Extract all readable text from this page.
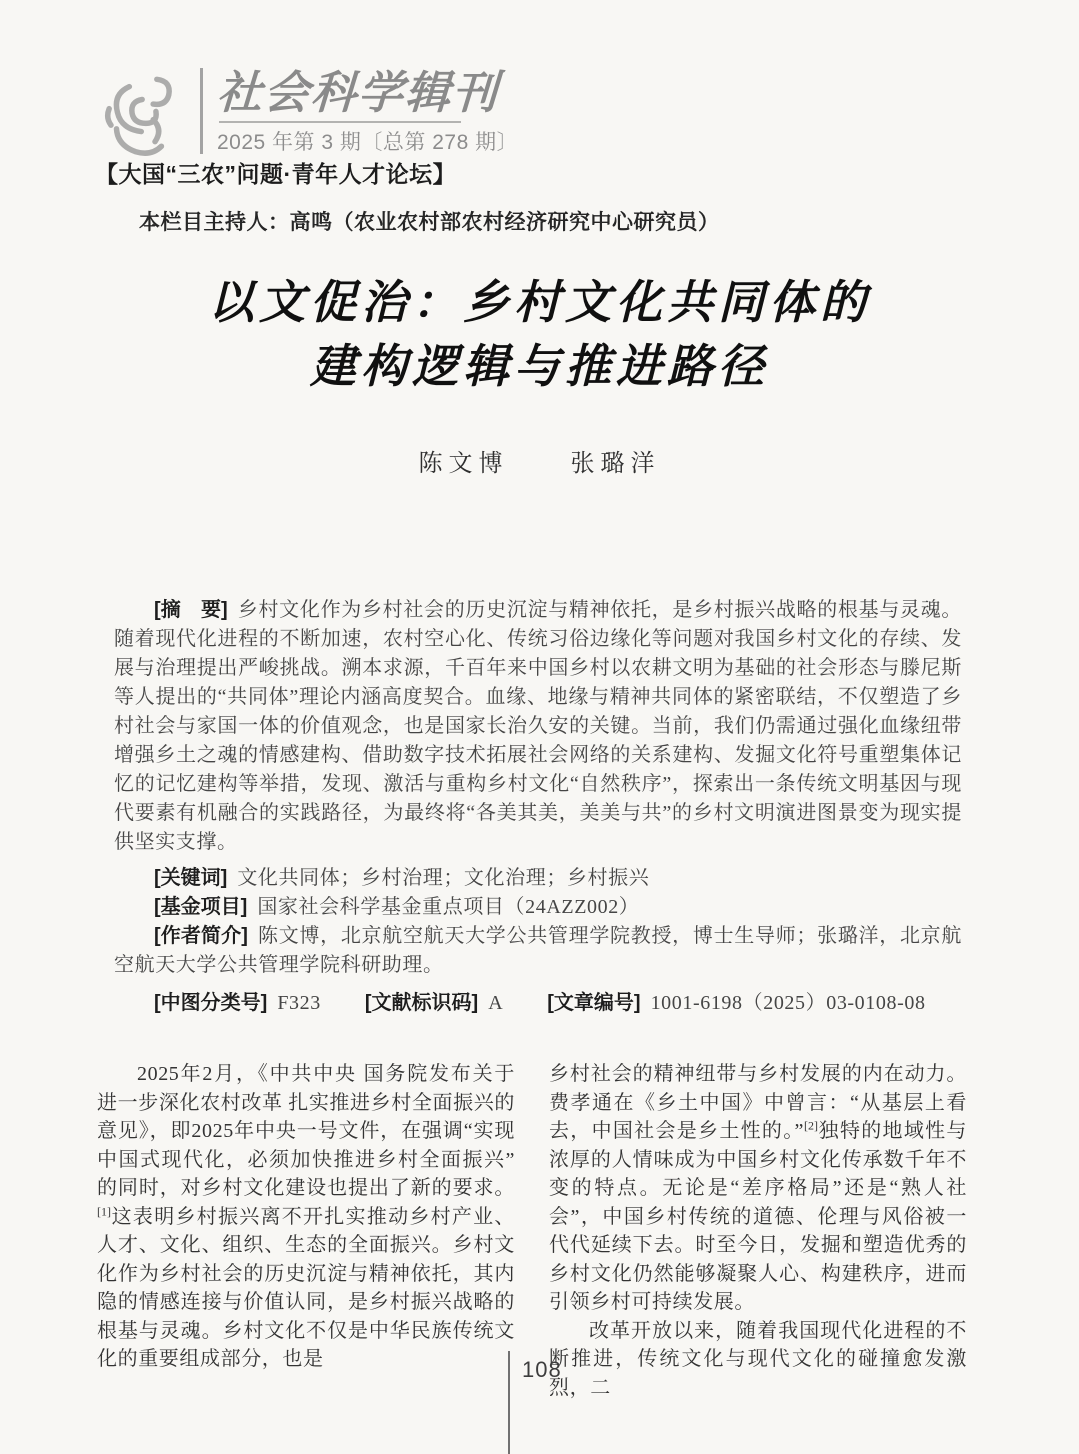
社会科学辑刊
2025 年第 3 期〔总第 278 期〕
【大国“三农”问题·青年人才论坛】
本栏目主持人：高鸣（农业农村部农村经济研究中心研究员）
以文促治：乡村文化共同体的
建构逻辑与推进路径
陈文博	张璐洋

[摘　要] 乡村文化作为乡村社会的历史沉淀与精神依托，是乡村振兴战略的根基与灵魂。随着现代化进程的不断加速，农村空心化、传统习俗边缘化等问题对我国乡村文化的存续、发展与治理提出严峻挑战。溯本求源，千百年来中国乡村以农耕文明为基础的社会形态与滕尼斯等人提出的“共同体”理论内涵高度契合。血缘、地缘与精神共同体的紧密联结，不仅塑造了乡村社会与家国一体的价值观念，也是国家长治久安的关键。当前，我们仍需通过强化血缘纽带增强乡土之魂的情感建构、借助数字技术拓展社会网络的关系建构、发掘文化符号重塑集体记忆的记忆建构等举措，发现、激活与重构乡村文化“自然秩序”，探索出一条传统文明基因与现代要素有机融合的实践路径，为最终将“各美其美，美美与共”的乡村文明演进图景变为现实提供坚实支撑。

[关键词] 文化共同体；乡村治理；文化治理；乡村振兴

[基金项目] 国家社会科学基金重点项目（24AZZ002）

[作者简介] 陈文博，北京航空航天大学公共管理学院教授，博士生导师；张璐洋，北京航空航天大学公共管理学院科研助理。

[中图分类号] F323 [文献标识码] A [文章编号] 1001-6198（2025）03-0108-08

2025年2月，《中共中央 国务院发布关于进一步深化农村改革 扎实推进乡村全面振兴的意见》，即2025年中央一号文件，在强调“实现中国式现代化，必须加快推进乡村全面振兴”的同时，对乡村文化建设也提出了新的要求。[1]这表明乡村振兴离不开扎实推动乡村产业、人才、文化、组织、生态的全面振兴。乡村文化作为乡村社会的历史沉淀与精神依托，其内隐的情感连接与价值认同，是乡村振兴战略的根基与灵魂。乡村文化不仅是中华民族传统文化的重要组成部分，也是

乡村社会的精神纽带与乡村发展的内在动力。费孝通在《乡土中国》中曾言：“从基层上看去，中国社会是乡土性的。”[2]独特的地域性与浓厚的人情味成为中国乡村文化传承数千年不变的特点。无论是“差序格局”还是“熟人社会”，中国乡村传统的道德、伦理与风俗被一代代延续下去。时至今日，发掘和塑造优秀的乡村文化仍然能够凝聚人心、构建秩序，进而引领乡村可持续发展。

改革开放以来，随着我国现代化进程的不断推进，传统文化与现代文化的碰撞愈发激烈，二

108
